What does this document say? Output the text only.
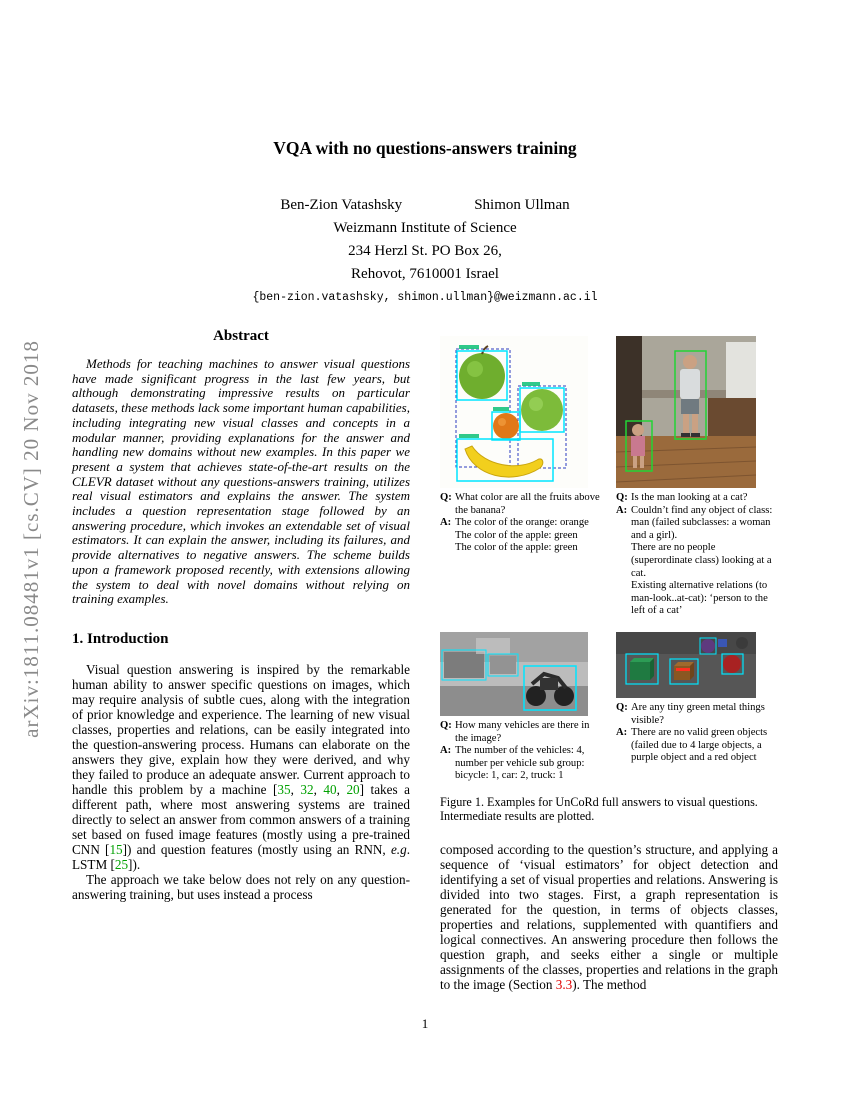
arXiv:1811.08481v1 [cs.CV] 20 Nov 2018
VQA with no questions-answers training
Ben-Zion Vatashsky	Shimon Ullman
Weizmann Institute of Science
234 Herzl St. PO Box 26,
Rehovot, 7610001 Israel
{ben-zion.vatashsky, shimon.ullman}@weizmann.ac.il
Abstract

Methods for teaching machines to answer visual questions have made significant progress in the last few years, but although demonstrating impressive results on particular datasets, these methods lack some important human capabilities, including integrating new visual classes and concepts in a modular manner, providing explanations for the answer and handling new domains without new examples. In this paper we present a system that achieves state-of-the-art results on the CLEVR dataset without any questions-answers training, utilizes real visual estimators and explains the answer. The system includes a question representation stage followed by an answering procedure, which invokes an extendable set of visual estimators. It can explain the answer, including its failures, and provide alternatives to negative answers. The scheme builds upon a framework proposed recently, with extensions allowing the system to deal with novel domains without relying on training examples.

1. Introduction

Visual question answering is inspired by the remarkable human ability to answer specific questions on images, which may require analysis of subtle cues, along with the integration of prior knowledge and experience. The learning of new visual classes, properties and relations, can be easily integrated into the question-answering process. Humans can elaborate on the answers they give, explain how they were derived, and why they failed to produce an adequate answer. Current approach to handle this problem by a machine [35, 32, 40, 20] takes a different path, where most answering systems are trained directly to select an answer from common answers of a training set based on fused image features (mostly using a pre-trained CNN [15]) and question features (mostly using an RNN, e.g. LSTM [25]).

The approach we take below does not rely on any question-answering training, but uses instead a process

Q: What color are all the fruits above the banana?
A: The color of the orange: orange
The color of the apple: green
The color of the apple: green
Q: Is the man looking at a cat?
A: Couldn’t find any object of class: man (failed subclasses: a woman and a girl).
There are no people (superordinate class) looking at a cat.
Existing alternative relations (to man-look..at-cat): ‘person to the left of a cat’
Q: How many vehicles are there in the image?
A: The number of the vehicles: 4,
number per vehicle sub group:
bicycle: 1, car: 2, truck: 1
Q: Are any tiny green metal things visible?
A: There are no valid green objects (failed due to 4 large objects, a purple object and a red object
Figure 1. Examples for UnCoRd full answers to visual questions. Intermediate results are plotted.

composed according to the question’s structure, and applying a sequence of ‘visual estimators’ for object detection and identifying a set of visual properties and relations. Answering is divided into two stages. First, a graph representation is generated for the question, in terms of objects classes, properties and relations, supplemented with quantifiers and logical connectives. An answering procedure then follows the question graph, and seeks either a single or multiple assignments of the classes, properties and relations in the graph to the image (Section 3.3). The method

1
